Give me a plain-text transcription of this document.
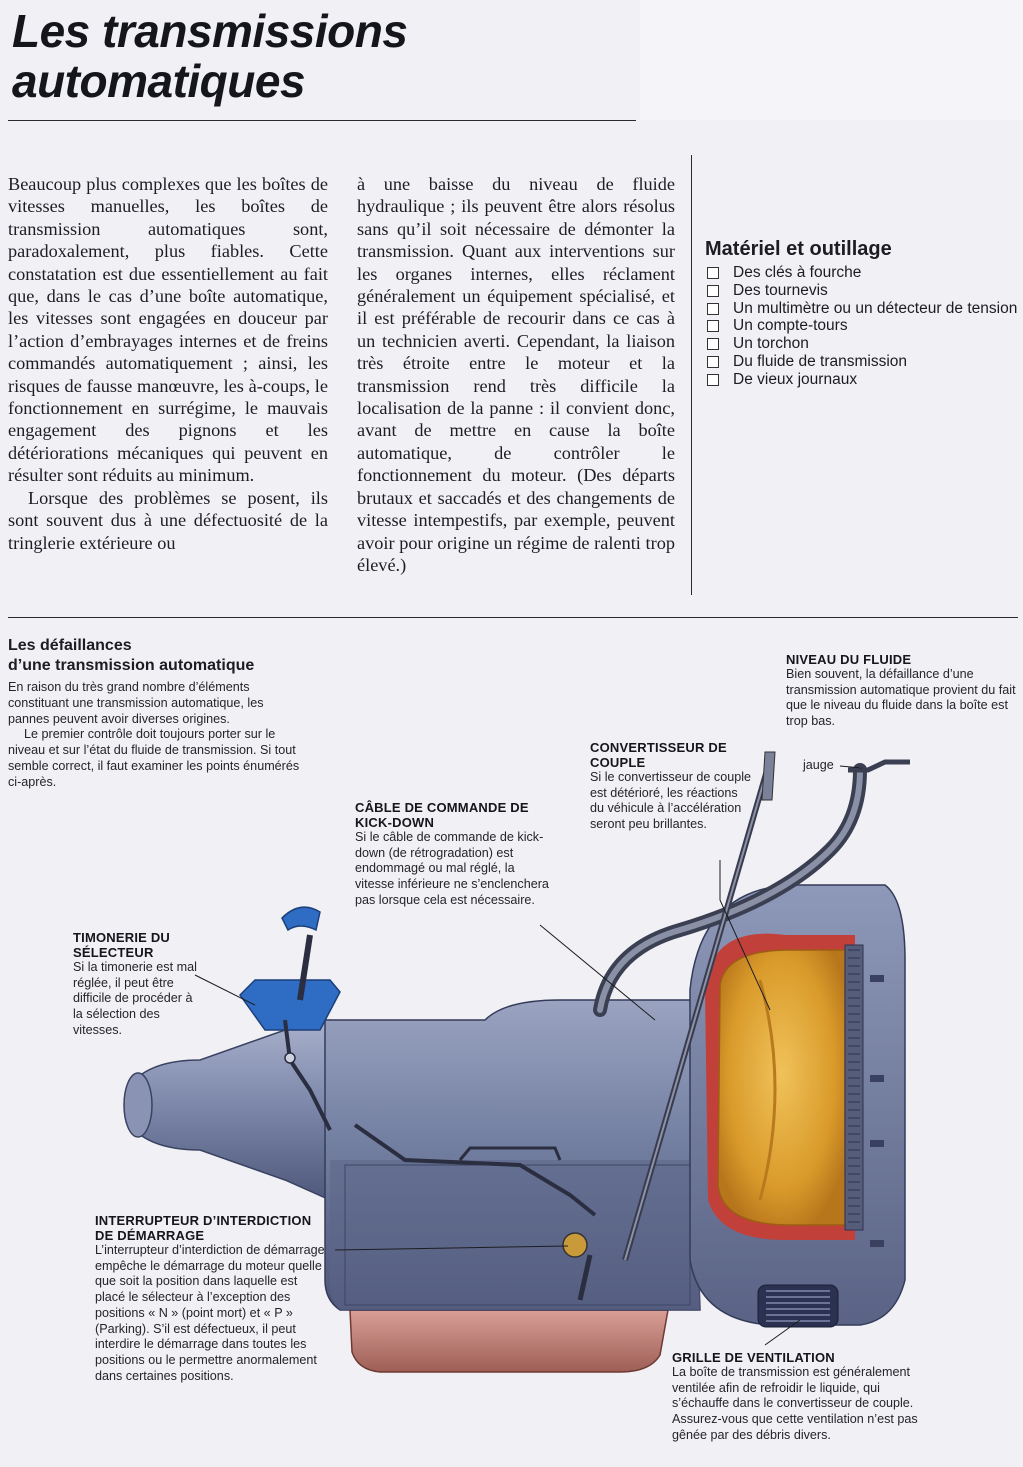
Les transmissions automatiques

Beaucoup plus complexes que les boîtes de vitesses manuelles, les boîtes de transmission automatiques sont, paradoxalement, plus fiables. Cette constatation est due essentiellement au fait que, dans le cas d’une boîte automatique, les vitesses sont engagées en douceur par l’action d’embrayages internes et de freins commandés automatiquement ; ainsi, les risques de fausse manœuvre, les à-coups, le fonctionnement en surrégime, le mauvais engagement des pignons et les détériorations mécaniques qui peuvent en résulter sont réduits au minimum.

Lorsque des problèmes se posent, ils sont souvent dus à une défectuosité de la tringlerie extérieure ou

à une baisse du niveau de fluide hydraulique ; ils peuvent être alors résolus sans qu’il soit nécessaire de démonter la transmission. Quant aux interventions sur les organes internes, elles réclament généralement un équipement spécialisé, et il est préférable de recourir dans ce cas à un technicien averti. Cependant, la liaison très étroite entre le moteur et la transmission rend très difficile la localisation de la panne : il convient donc, avant de mettre en cause la boîte automatique, de contrôler le fonctionnement du moteur. (Des départs brutaux et saccadés et des changements de vitesse intempestifs, par exemple, peuvent avoir pour origine un régime de ralenti trop élevé.)

Matériel et outillage
Des clés à fourche
Des tournevis
Un multimètre ou un détecteur de tension
Un compte-tours
Un torchon
Du fluide de transmission
De vieux journaux
Les défaillances
d’une transmission automatique

En raison du très grand nombre d’éléments constituant une transmission automatique, les pannes peuvent avoir diverses origines.

Le premier contrôle doit toujours porter sur le niveau et sur l’état du fluide de transmission. Si tout semble correct, il faut examiner les points énumérés ci-après.

NIVEAU DU FLUIDE

Bien souvent, la défaillance d’une transmission automatique provient du fait que le niveau du fluide dans la boîte est trop bas.

jauge

CONVERTISSEUR DE COUPLE

Si le convertisseur de couple est détérioré, les réactions du véhicule à l’accélération seront peu brillantes.

CÂBLE DE COMMANDE DE KICK-DOWN

Si le câble de commande de kick-down (de rétrogradation) est endommagé ou mal réglé, la vitesse inférieure ne s’enclenchera pas lorsque cela est nécessaire.

TIMONERIE DU SÉLECTEUR

Si la timonerie est mal réglée, il peut être difficile de procéder à la sélection des vitesses.

INTERRUPTEUR D’INTERDICTION DE DÉMARRAGE

L’interrupteur d’interdiction de démarrage empêche le démarrage du moteur quelle que soit la position dans laquelle est placé le sélecteur à l’exception des positions « N » (point mort) et « P » (Parking). S’il est défectueux, il peut interdire le démarrage dans toutes les positions ou le permettre anormalement dans certaines positions.

GRILLE DE VENTILATION

La boîte de transmission est généralement ventilée afin de refroidir le liquide, qui s’échauffe dans le convertisseur de couple. Assurez-vous que cette ventilation n’est pas gênée par des débris divers.
